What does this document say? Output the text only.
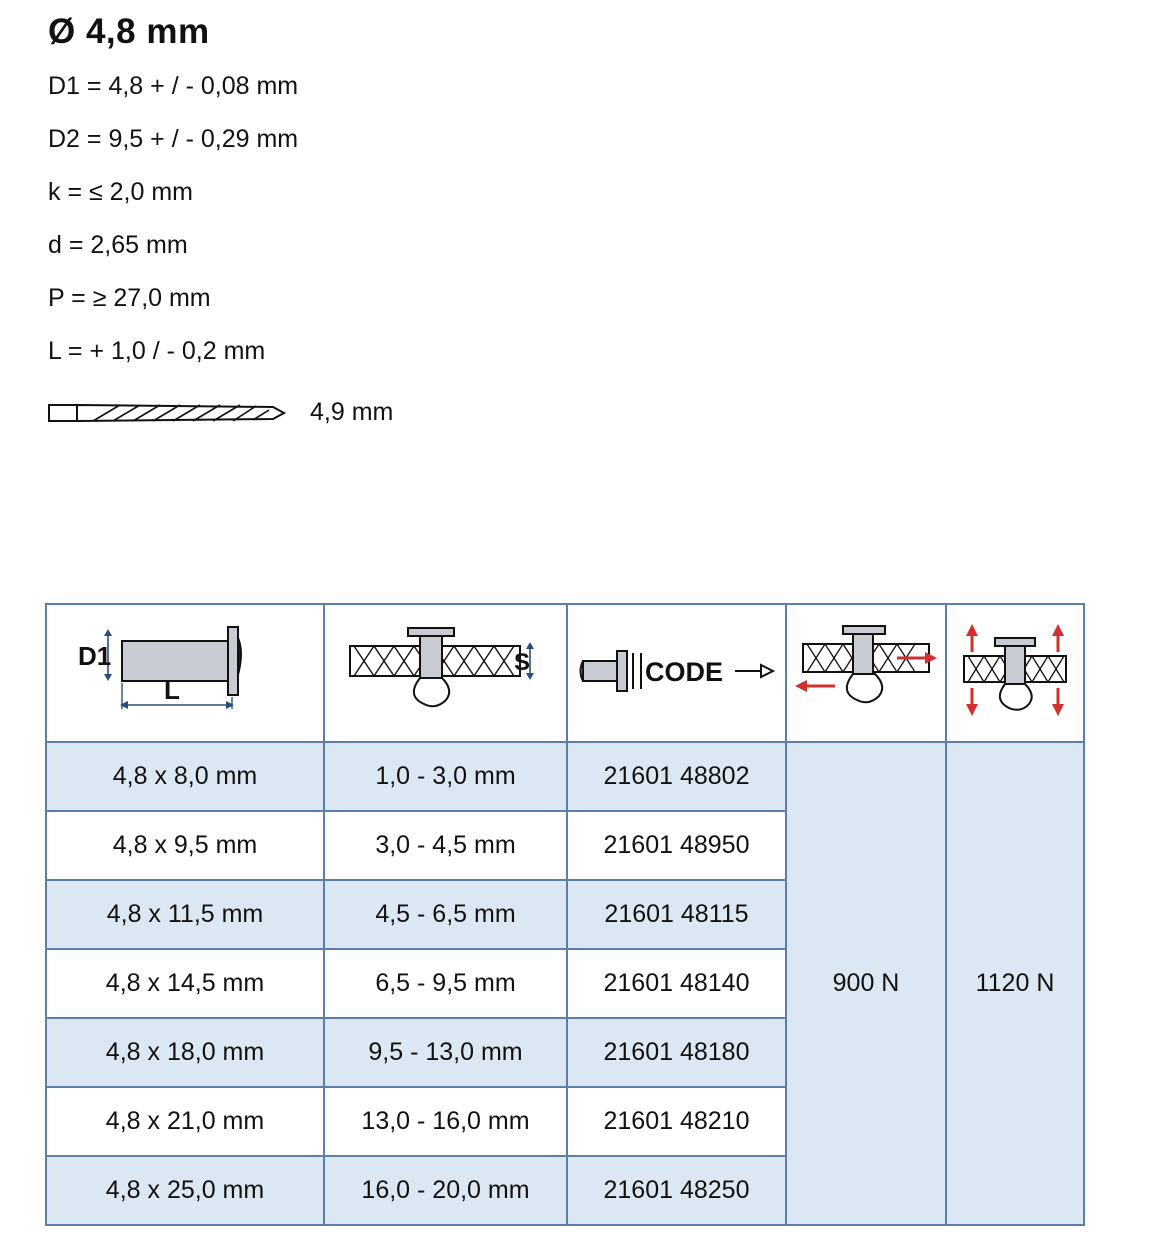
Ø 4,8 mm
D1 = 4,8 + / - 0,08 mm
D2 = 9,5 + / - 0,29 mm
k = ≤ 2,0 mm
d = 2,65 mm
P = ≥ 27,0 mm
L = + 1,0 / - 0,2 mm
4,9 mm
D1
L	S	CODE

4,8 x 8,0 mm	1,0 - 3,0 mm	21601 48802	900 N	1120 N
4,8 x 9,5 mm	3,0 - 4,5 mm	21601 48950		
4,8 x 11,5 mm	4,5 - 6,5 mm	21601 48115		
4,8 x 14,5 mm	6,5 - 9,5 mm	21601 48140		
4,8 x 18,0 mm	9,5 - 13,0 mm	21601 48180		
4,8 x 21,0 mm	13,0 - 16,0 mm	21601 48210		
4,8 x 25,0 mm	16,0 - 20,0 mm	21601 48250		
